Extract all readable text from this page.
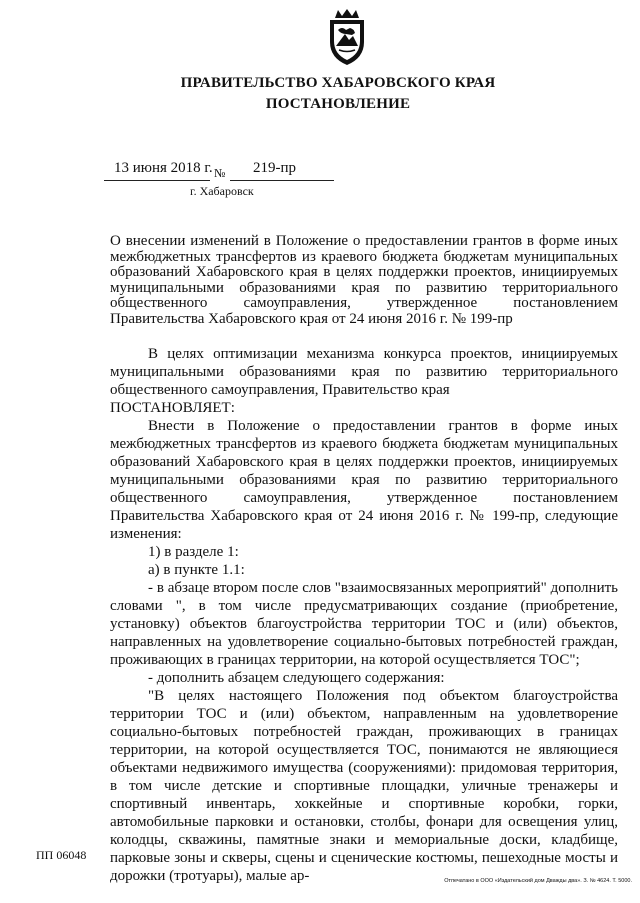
ПРАВИТЕЛЬСТВО ХАБАРОВСКОГО КРАЯ
ПОСТАНОВЛЕНИЕ
13 июня 2018 г. № 219-пр
г. Хабаровск
О внесении изменений в Положение о предоставлении грантов в форме иных межбюджетных трансфертов из краевого бюджета бюджетам муниципальных образований Хабаровского края в целях поддержки проектов, инициируемых муниципальными образованиями края по развитию территориального общественного самоуправления, утвержденное постановлением Правительства Хабаровского края от 24 июня 2016 г. № 199-пр

В целях оптимизации механизма конкурса проектов, инициируемых муниципальными образованиями края по развитию территориального общественного самоуправления, Правительство края

ПОСТАНОВЛЯЕТ:

Внести в Положение о предоставлении грантов в форме иных межбюджетных трансфертов из краевого бюджета бюджетам муниципальных образований Хабаровского края в целях поддержки проектов, инициируемых муниципальными образованиями края по развитию территориального общественного самоуправления, утвержденное постановлением Правительства Хабаровского края от 24 июня 2016 г. № 199-пр, следующие изменения:

1) в разделе 1:

а) в пункте 1.1:

- в абзаце втором после слов "взаимосвязанных мероприятий" дополнить словами ", в том числе предусматривающих создание (приобретение, установку) объектов благоустройства территории ТОС и (или) объектов, направленных на удовлетворение социально-бытовых потребностей граждан, проживающих в границах территории, на которой осуществляется ТОС";

- дополнить абзацем следующего содержания:

"В целях настоящего Положения под объектом благоустройства территории ТОС и (или) объектом, направленным на удовлетворение социально-бытовых потребностей граждан, проживающих в границах территории, на которой осуществляется ТОС, понимаются не являющиеся объектами недвижимого имущества (сооружениями): придомовая территория, в том числе детские и спортивные площадки, уличные тренажеры и спортивный инвентарь, хоккейные и спортивные коробки, горки, автомобильные парковки и остановки, столбы, фонари для освещения улиц, колодцы, скважины, памятные знаки и мемориальные доски, кладбище, парковые зоны и скверы, сцены и сценические костюмы, пешеходные мосты и дорожки (тротуары), малые ар-

ПП 06048
Отпечатано в ООО «Издательский дом Дважды два». З. № 4624. Т. 5000.
